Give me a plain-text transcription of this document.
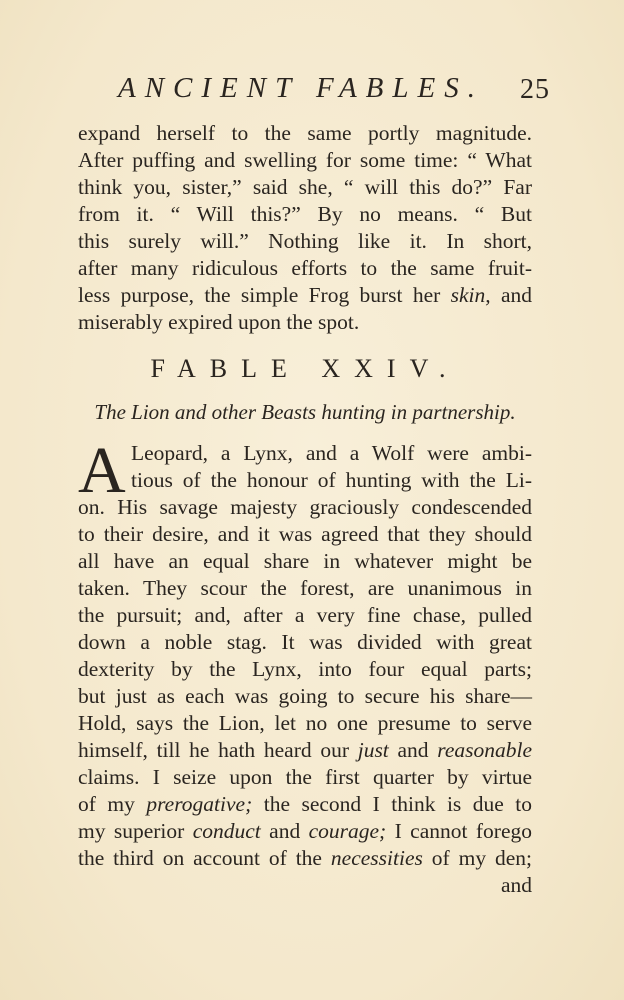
ANCIENT FABLES.	25
expand herself to the same portly magnitude.
After puffing and swelling for some time: “ What
think you, sister,” said she, “ will this do?” Far
from it. “ Will this?” By no means. “ But
this surely will.” Nothing like it. In short,
after many ridiculous efforts to the same fruit-
less purpose, the simple Frog burst her skin, and
miserably expired upon the spot.
FABLE XXIV.
The Lion and other Beasts hunting in partnership.
A Leopard, a Lynx, and a Wolf were ambi-
tious of the honour of hunting with the Li-
on. His savage majesty graciously condescended
to their desire, and it was agreed that they should
all have an equal share in whatever might be
taken. They scour the forest, are unanimous in
the pursuit; and, after a very fine chase, pulled
down a noble stag. It was divided with great
dexterity by the Lynx, into four equal parts;
but just as each was going to secure his share—
Hold, says the Lion, let no one presume to serve
himself, till he hath heard our just and reasonable
claims. I seize upon the first quarter by virtue
of my prerogative; the second I think is due to
my superior conduct and courage; I cannot forego
the third on account of the necessities of my den;
and
